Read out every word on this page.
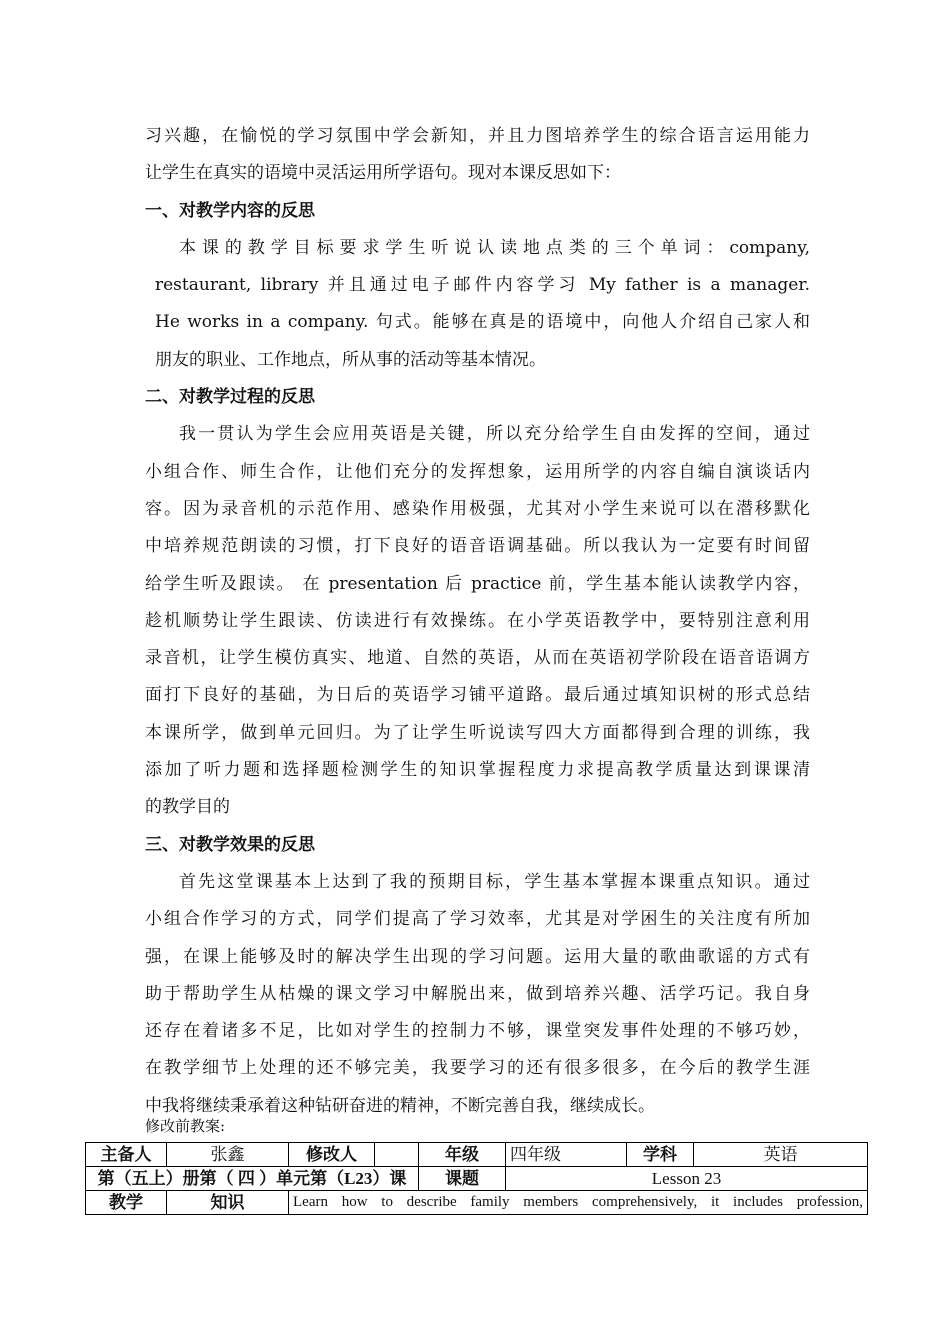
习兴趣，在愉悦的学习氛围中学会新知，并且力图培养学生的综合语言运用能力
让学生在真实的语境中灵活运用所学语句。现对本课反思如下：
一、对教学内容的反思
本课的教学目标要求学生听说认读地点类的三个单词：company,
restaurant, library 并且通过电子邮件内容学习 My father is a manager.
He works in a company. 句式。能够在真是的语境中，向他人介绍自己家人和
朋友的职业、工作地点，所从事的活动等基本情况。
二、对教学过程的反思
我一贯认为学生会应用英语是关键，所以充分给学生自由发挥的空间，通过
小组合作、师生合作，让他们充分的发挥想象，运用所学的内容自编自演谈话内
容。因为录音机的示范作用、感染作用极强，尤其对小学生来说可以在潜移默化
中培养规范朗读的习惯，打下良好的语音语调基础。所以我认为一定要有时间留
给学生听及跟读。 在 presentation 后 practice 前，学生基本能认读教学内容，
趁机顺势让学生跟读、仿读进行有效操练。在小学英语教学中，要特别注意利用
录音机，让学生模仿真实、地道、自然的英语，从而在英语初学阶段在语音语调方
面打下良好的基础，为日后的英语学习铺平道路。最后通过填知识树的形式总结
本课所学，做到单元回归。为了让学生听说读写四大方面都得到合理的训练，我
添加了听力题和选择题检测学生的知识掌握程度力求提高教学质量达到课课清
的教学目的
三、对教学效果的反思
首先这堂课基本上达到了我的预期目标，学生基本掌握本课重点知识。通过
小组合作学习的方式，同学们提高了学习效率，尤其是对学困生的关注度有所加
强，在课上能够及时的解决学生出现的学习问题。运用大量的歌曲歌谣的方式有
助于帮助学生从枯燥的课文学习中解脱出来，做到培养兴趣、活学巧记。我自身
还存在着诸多不足，比如对学生的控制力不够，课堂突发事件处理的不够巧妙，
在教学细节上处理的还不够完美，我要学习的还有很多很多，在今后的教学生涯
中我将继续秉承着这种钻研奋进的精神，不断完善自我，继续成长。
修改前教案:
主备人	张鑫	修改人		年级	四年级	学科	英语
第（五上）册第（ 四 ）单元第（L23）课				课题	Lesson 23		
教学	知识	Learn how to describe family members comprehensively, it includes profession,					
